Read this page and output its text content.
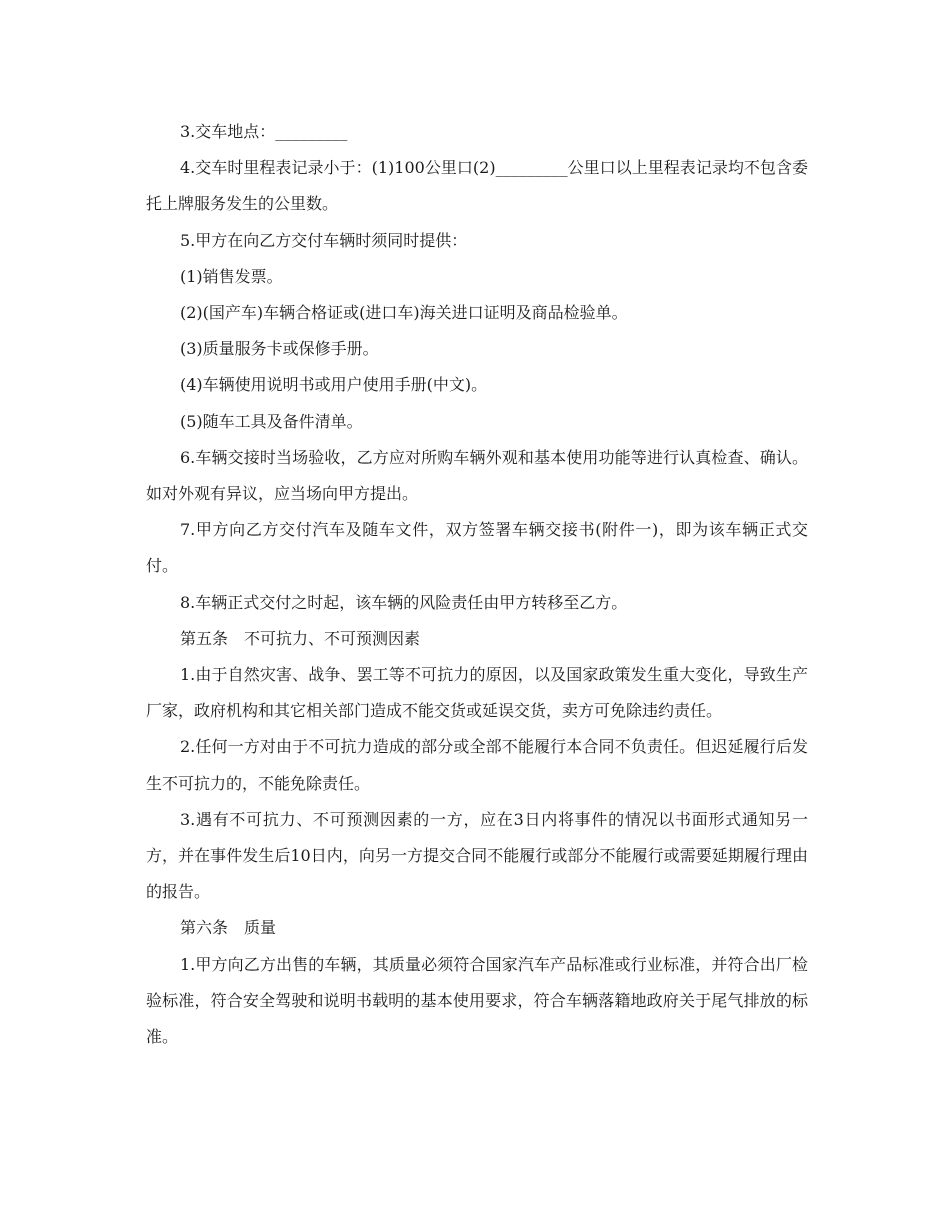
3.交车地点：_________

4.交车时里程表记录小于：(1)100公里口(2)_________公里口以上里程表记录均不包含委托上牌服务发生的公里数。

5.甲方在向乙方交付车辆时须同时提供：

(1)销售发票。

(2)(国产车)车辆合格证或(进口车)海关进口证明及商品检验单。

(3)质量服务卡或保修手册。

(4)车辆使用说明书或用户使用手册(中文)。

(5)随车工具及备件清单。

6.车辆交接时当场验收，乙方应对所购车辆外观和基本使用功能等进行认真检查、确认。如对外观有异议，应当场向甲方提出。

7.甲方向乙方交付汽车及随车文件，双方签署车辆交接书(附件一)，即为该车辆正式交付。

8.车辆正式交付之时起，该车辆的风险责任由甲方转移至乙方。

第五条　不可抗力、不可预测因素

1.由于自然灾害、战争、罢工等不可抗力的原因，以及国家政策发生重大变化，导致生产厂家，政府机构和其它相关部门造成不能交货或延误交货，卖方可免除违约责任。

2.任何一方对由于不可抗力造成的部分或全部不能履行本合同不负责任。但迟延履行后发生不可抗力的，不能免除责任。

3.遇有不可抗力、不可预测因素的一方，应在3日内将事件的情况以书面形式通知另一方，并在事件发生后10日内，向另一方提交合同不能履行或部分不能履行或需要延期履行理由的报告。

第六条　质量

1.甲方向乙方出售的车辆，其质量必须符合国家汽车产品标准或行业标准，并符合出厂检验标准，符合安全驾驶和说明书载明的基本使用要求，符合车辆落籍地政府关于尾气排放的标准。
